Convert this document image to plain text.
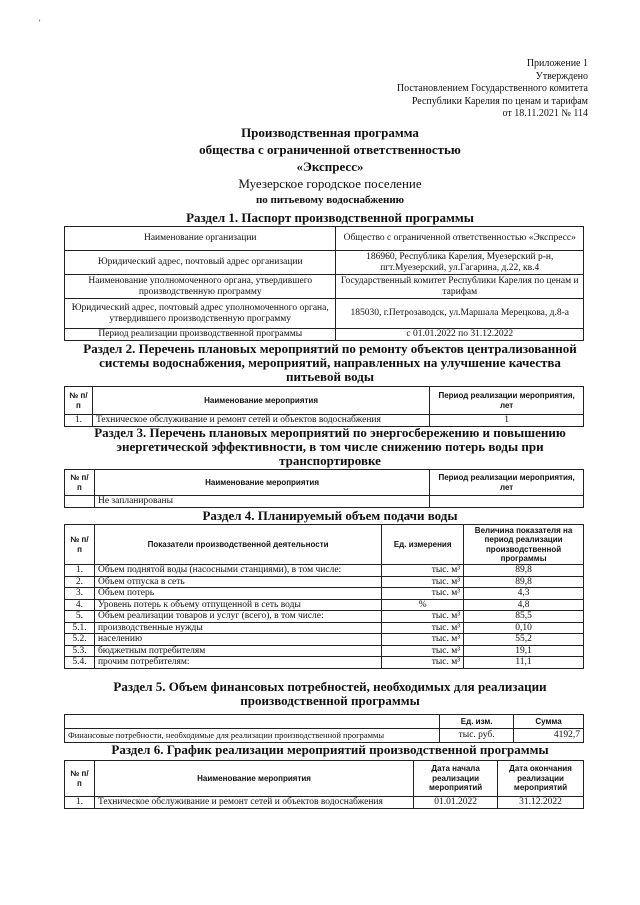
’
Приложение 1
Утверждено
Постановлением Государственного комитета
Республики Карелия по ценам и тарифам
от 18.11.2021 № 114
Производственная программа
общества с ограниченной ответственностью
«Экспресс»
Муезерское городское поселение
по питьевому водоснабжению
Раздел 1. Паспорт производственной программы
Наименование организации	Общество с ограниченной ответственностью «Экспресс»
Юридический адрес, почтовый адрес организации	186960, Республика Карелия, Муезерский р-н, пгт.Муезерский, ул.Гагарина, д.22, кв.4
Наименование уполномоченного органа, утвердившего производственную программу	Государственный комитет Республики Карелия по ценам и тарифам
Юридический адрес, почтовый адрес уполномоченного органа, утвердившего производственную программу	185030, г.Петрозаводск, ул.Маршала Мерецкова, д.8-а
Период реализации производственной программы	с 01.01.2022 по 31.12.2022
Раздел 2. Перечень плановых мероприятий по ремонту объектов централизованной системы водоснабжения, мероприятий, направленных на улучшение качества питьевой воды
№ п/п	Наименование мероприятия	Период реализации мероприятия, лет
1.	Техническое обслуживание и ремонт сетей и объектов водоснабжения	1
Раздел 3. Перечень плановых мероприятий по энергосбережению и повышению энергетической эффективности, в том числе снижению потерь воды при транспортировке
№ п/п	Наименование мероприятия	Период реализации мероприятия, лет
	Не запланированы	
Раздел 4. Планируемый объем подачи воды
№ п/п	Показатели производственной деятельности	Ед. измерения	Величина показателя на период реализации производственной программы
1.	Объем поднятой воды (насосными станциями), в том числе:	тыс. м³	89,8
2.	Объем отпуска в сеть	тыс. м³	89,8
3.	Объем потерь	тыс. м³	4,3
4.	Уровень потерь к объему отпущенной в сеть воды	%	4,8
5.	Объем реализации товаров и услуг (всего), в том числе:	тыс. м³	85,5
5.1.	производственные нужды	тыс. м³	0,10
5.2.	населению	тыс. м³	55,2
5.3.	бюджетным потребителям	тыс. м³	19,1
5.4.	прочим потребителям:	тыс. м³	11,1
Раздел 5. Объем финансовых потребностей, необходимых для реализации производственной программы
	Ед. изм.	Сумма
Финансовые потребности, необходимые для реализации производственной программы	тыс. руб.	4192,7
Раздел 6. График реализации мероприятий производственной программы
№ п/п	Наименование мероприятия	Дата начала реализации мероприятий	Дата окончания реализации мероприятий
1.	Техническое обслуживание и ремонт сетей и объектов водоснабжения	01.01.2022	31.12.2022
